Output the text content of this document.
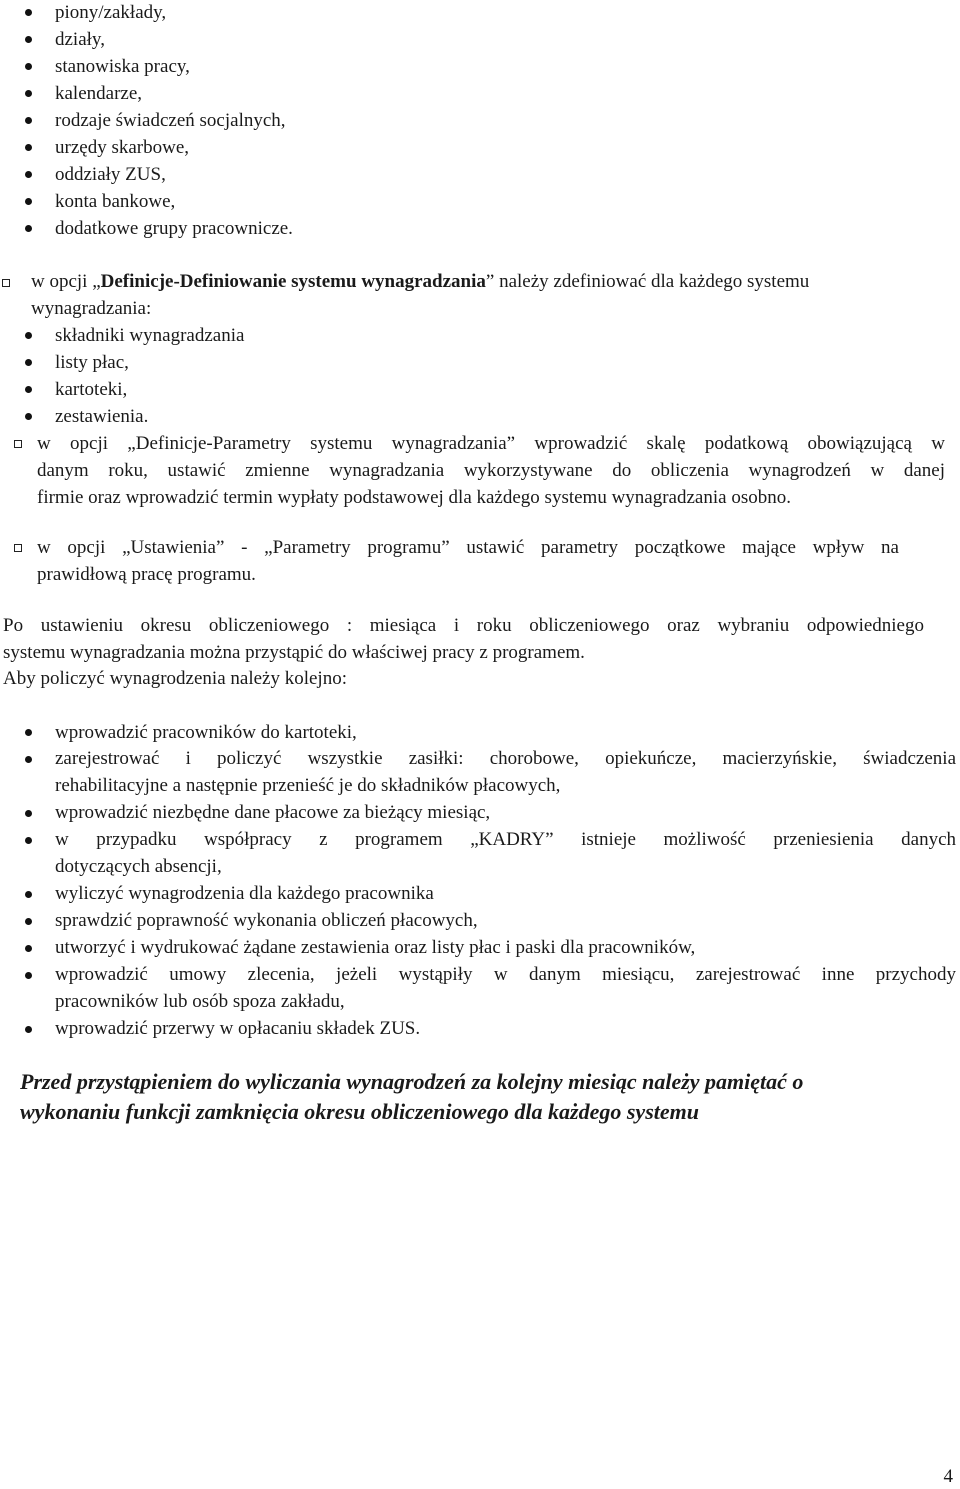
piony/zakłady,
działy,
stanowiska pracy,
kalendarze,
rodzaje świadczeń socjalnych,
urzędy skarbowe,
oddziały ZUS,
konta bankowe,
dodatkowe grupy pracownicze.
w opcji „Definicje-Definiowanie systemu wynagradzania” należy zdefiniować dla każdego systemu
wynagradzania:
składniki wynagradzania
listy płac,
kartoteki,
zestawienia.
w opcji „Definicje-Parametry systemu wynagradzania” wprowadzić skalę podatkową obowiązującą w
danym roku, ustawić zmienne wynagradzania wykorzystywane do obliczenia wynagrodzeń w danej
firmie oraz wprowadzić termin wypłaty podstawowej dla każdego systemu wynagradzania osobno.
w opcji „Ustawienia” - „Parametry programu” ustawić parametry początkowe mające wpływ na
prawidłową pracę programu.
Po ustawieniu okresu obliczeniowego : miesiąca i roku obliczeniowego oraz wybraniu odpowiedniego
systemu wynagradzania można przystąpić do właściwej pracy z programem.
Aby policzyć wynagrodzenia należy kolejno:
wprowadzić pracowników do kartoteki,
zarejestrować i policzyć wszystkie zasiłki: chorobowe, opiekuńcze, macierzyńskie, świadczenia
rehabilitacyjne a następnie przenieść je do składników płacowych,
wprowadzić niezbędne dane płacowe za bieżący miesiąc,
w przypadku współpracy z programem „KADRY” istnieje możliwość przeniesienia danych
dotyczących absencji,
wyliczyć wynagrodzenia dla każdego pracownika
sprawdzić poprawność wykonania obliczeń płacowych,
utworzyć i wydrukować żądane zestawienia oraz listy płac i paski dla pracowników,
wprowadzić umowy zlecenia, jeżeli wystąpiły w danym miesiącu, zarejestrować inne przychody
pracowników lub osób spoza zakładu,
wprowadzić przerwy w opłacaniu składek ZUS.
Przed przystąpieniem do wyliczania wynagrodzeń za kolejny miesiąc należy pamiętać o
wykonaniu funkcji zamknięcia okresu obliczeniowego dla każdego systemu
4
